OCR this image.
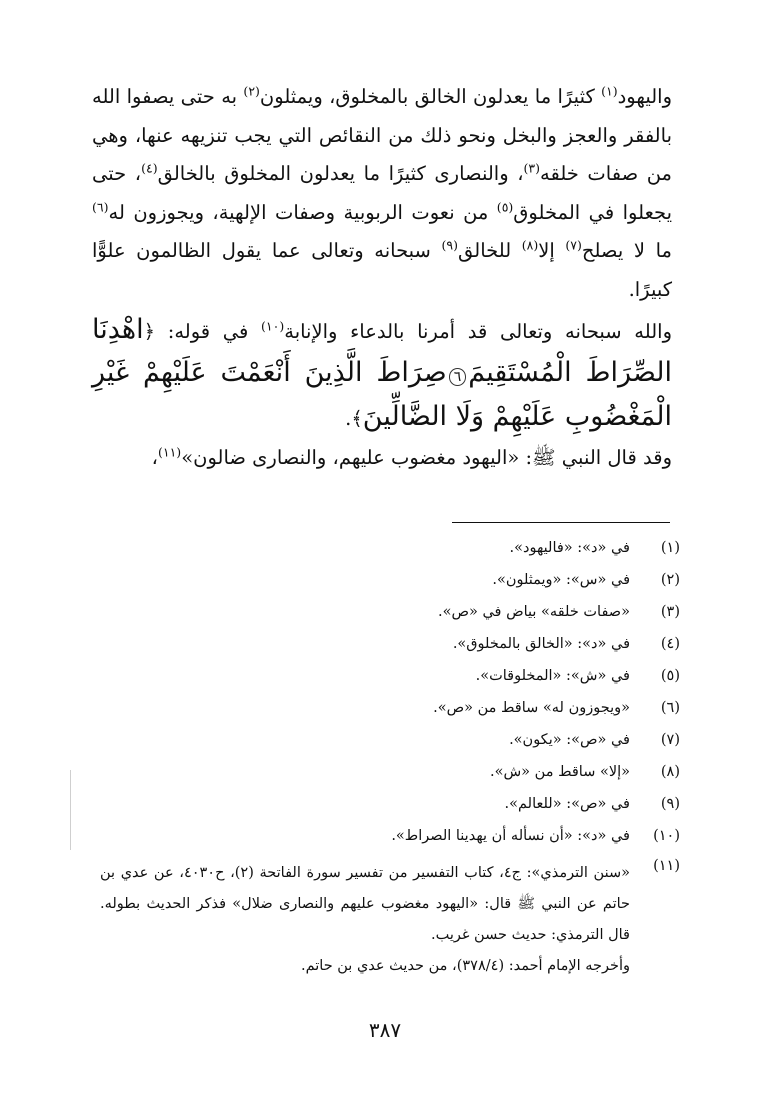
واليهود$^{(١)}$ كثيرًا ما يعدلون الخالق بالمخلوق، ويمثلون$^{(٢)}$ به حتى يصفوا الله بالفقر والعجز والبخل ونحو ذلك من النقائص التي يجب تنزيهه عنها، وهي من صفات خلقه$^{(٣)}$، والنصارى كثيرًا ما يعدلون المخلوق بالخالق$^{(٤)}$، حتى يجعلوا في المخلوق$^{(٥)}$ من نعوت الربوبية وصفات الإلهية، ويجوزون له$^{(٦)}$ ما لا يصلح$^{(٧)}$ إلا$^{(٨)}$ للخالق$^{(٩)}$ سبحانه وتعالى عما يقول الظالمون علوًّا كبيرًا.

والله سبحانه وتعالى قد أمرنا بالدعاء والإنابة$^{(١٠)}$ في قوله: ﴿اهْدِنَا الصِّرَاطَ الْمُسْتَقِيمَ٦صِرَاطَ الَّذِينَ أَنْعَمْتَ عَلَيْهِمْ غَيْرِ الْمَغْضُوبِ عَلَيْهِمْ وَلَا الضَّالِّينَ﴾.

وقد قال النبي ﷺ: «اليهود مغضوب عليهم، والنصارى ضالون»$^{(١١)}$،

(١)
في «د»: «فاليهود».
(٢)
في «س»: «ويمثلون».
(٣)
«صفات خلقه» بياض في «ص».
(٤)
في «د»: «الخالق بالمخلوق».
(٥)
في «ش»: «المخلوقات».
(٦)
«ويجوزون له» ساقط من «ص».
(٧)
في «ص»: «يكون».
(٨)
«إلا» ساقط من «ش».
(٩)
في «ص»: «للعالم».
(١٠)
في «د»: «أن نسأله أن يهدينا الصراط».
(١١)
«سنن الترمذي»: ج٤، كتاب التفسير من تفسير سورة الفاتحة (٢)، ح٤٠٣٠، عن عدي بن حاتم عن النبي ﷺ قال: «اليهود مغضوب عليهم والنصارى ضلال» فذكر الحديث بطوله. قال الترمذي: حديث حسن غريب.

وأخرجه الإمام أحمد: (٣٧٨/٤)، من حديث عدي بن حاتم.

٣٨٧
